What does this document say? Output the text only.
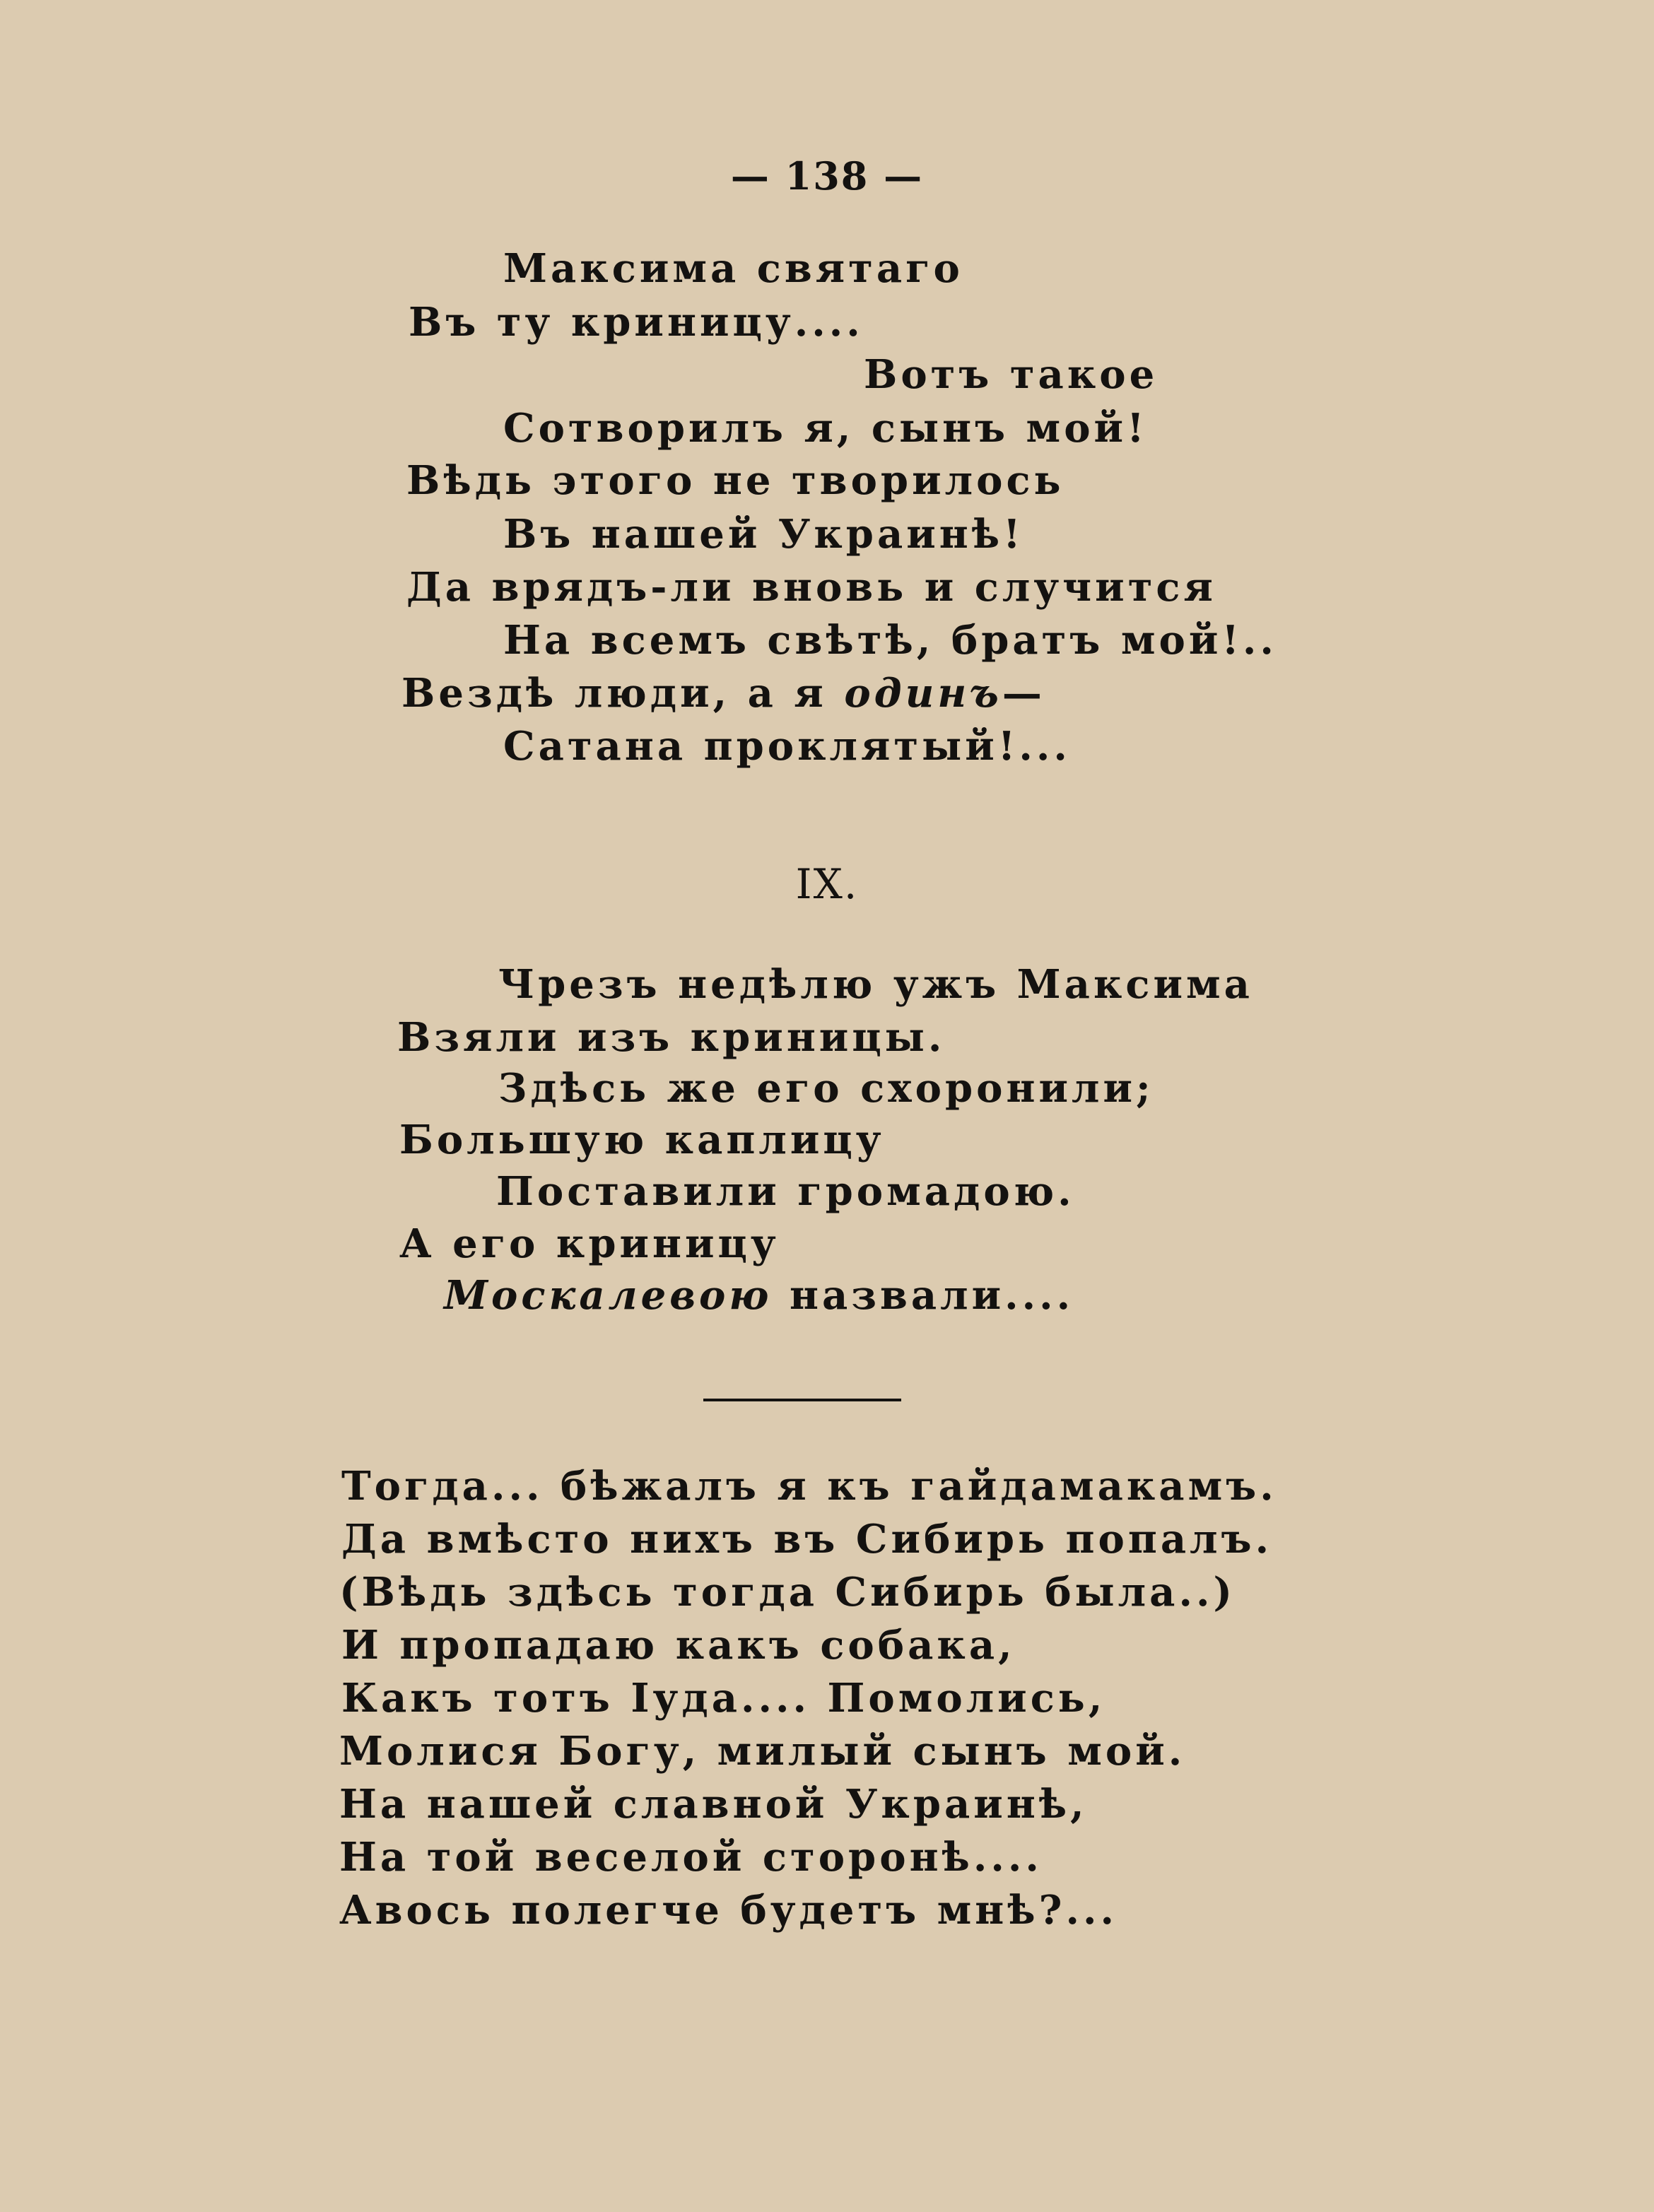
— 138 —
Максима святаго
Въ ту криницу....
Вотъ такое
Сотворилъ я, сынъ мой!
Вѣдь этого не творилось
Въ нашей Украинѣ!
Да врядъ-ли вновь и случится
На всемъ свѣтѣ, братъ мой!..
Вездѣ люди, а я одинъ—
Сатана проклятый!...
IX.
Чрезъ недѣлю ужъ Максима
Взяли изъ криницы.
Здѣсь же его схоронили;
Большую каплицу
Поставили громадою.
А его криницу
Москалевою назвали....
Тогда... бѣжалъ я къ гайдамакамъ.
Да вмѣсто нихъ въ Сибирь попалъ.
(Вѣдь здѣсь тогда Сибирь была..)
И пропадаю какъ собака,
Какъ тотъ Іуда.... Помолись,
Молися Богу, милый сынъ мой.
На нашей славной Украинѣ,
На той веселой сторонѣ....
Авось полегче будетъ мнѣ?...
